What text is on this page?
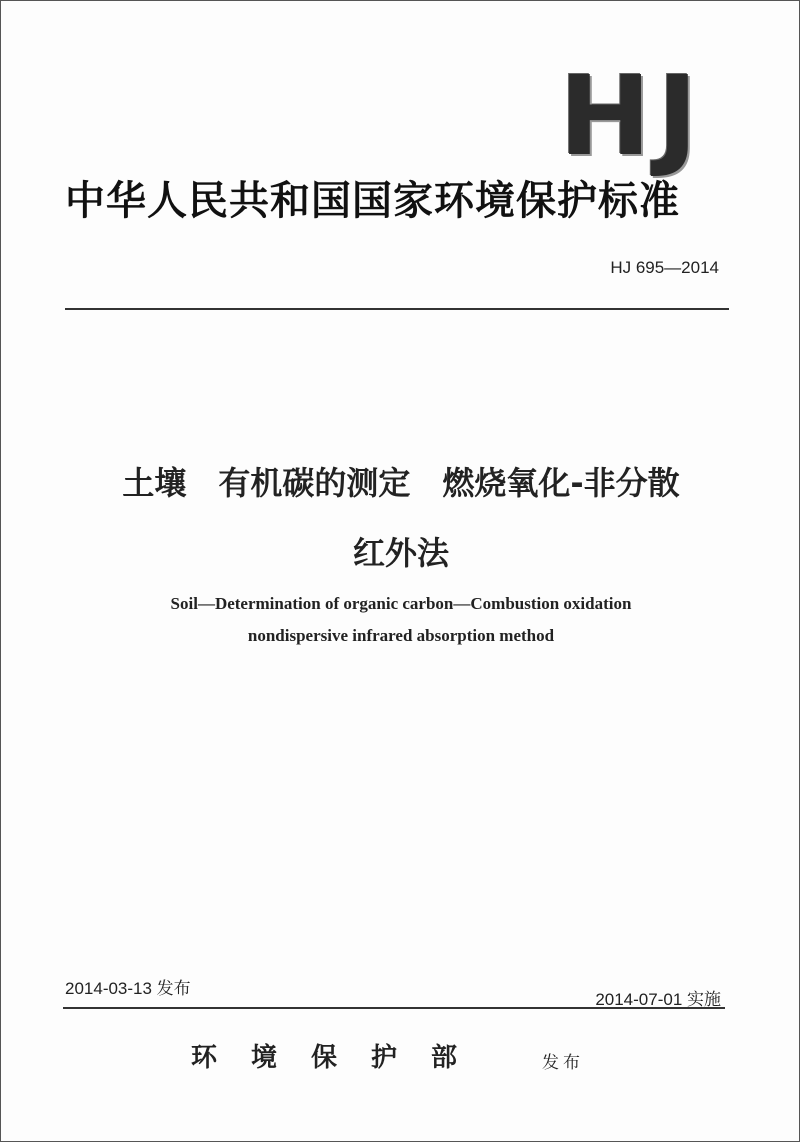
HJ
中华人民共和国国家环境保护标准
HJ 695—2014
土壤　有机碳的测定　燃烧氧化-非分散
红外法
Soil—Determination of organic carbon—Combustion oxidation
nondispersive infrared absorption method
2014-03-13 发布
2014-07-01 实施
环境保护部	发布
